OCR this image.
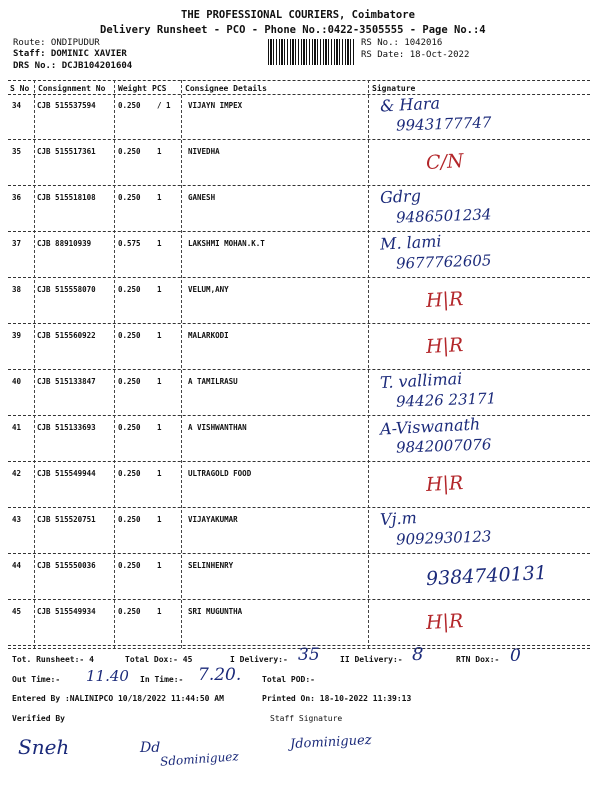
THE PROFESSIONAL COURIERS, Coimbatore
Delivery Runsheet - PCO - Phone No.:0422-3505555 - Page No.:4
Route: ONDIPUDUR
Staff: DOMINIC XAVIER
DRS No.: DCJB104201604
RS No.: 1042016
RS Date: 18-Oct-2022
S No Consignment No Weight PCS Consignee Details	Signature
34 CJB 515537594	0.250 / 1 VIJAYN IMPEX	& Hara
9943177747
35 CJB 515517361	0.250 1	NIVEDHA	C/N
36 CJB 515518108	0.250 1	GANESH	Gdrg
9486501234
37 CJB 88910939	0.575 1	LAKSHMI MOHAN.K.T	M. lami
9677762605
38 CJB 515558070	0.250 1	VELUM,ANY	H|R
39 CJB 515560922	0.250 1	MALARKODI	H|R
40 CJB 515133847	0.250 1	A TAMILRASU	T. vallimai
94426 23171
41 CJB 515133693	0.250 1	A VISHWANTHAN	A-Viswanath
9842007076
42 CJB 515549944	0.250 1	ULTRAGOLD FOOD	H|R
43 CJB 515520751	0.250 1	VIJAYAKUMAR	Vj.m
9092930123
44 CJB 515550036	0.250 1	SELINHENRY	9384740131
45 CJB 515549934	0.250 1	SRI MUGUNTHA	H|R
Tot. Runsheet:- 4	Total Dox:- 45	I Delivery:- 35	II Delivery:- 8	RTN Dox:- 0
Out Time:- 11.40 In Time:- 7.20.	Total POD:-
Entered By :NALINIPCO 10/18/2022 11:44:50 AM	Printed On: 18-10-2022 11:39:13
Verified By	Staff Signature
Sneh	Dd
Sdominiguez
Jdominiguez
